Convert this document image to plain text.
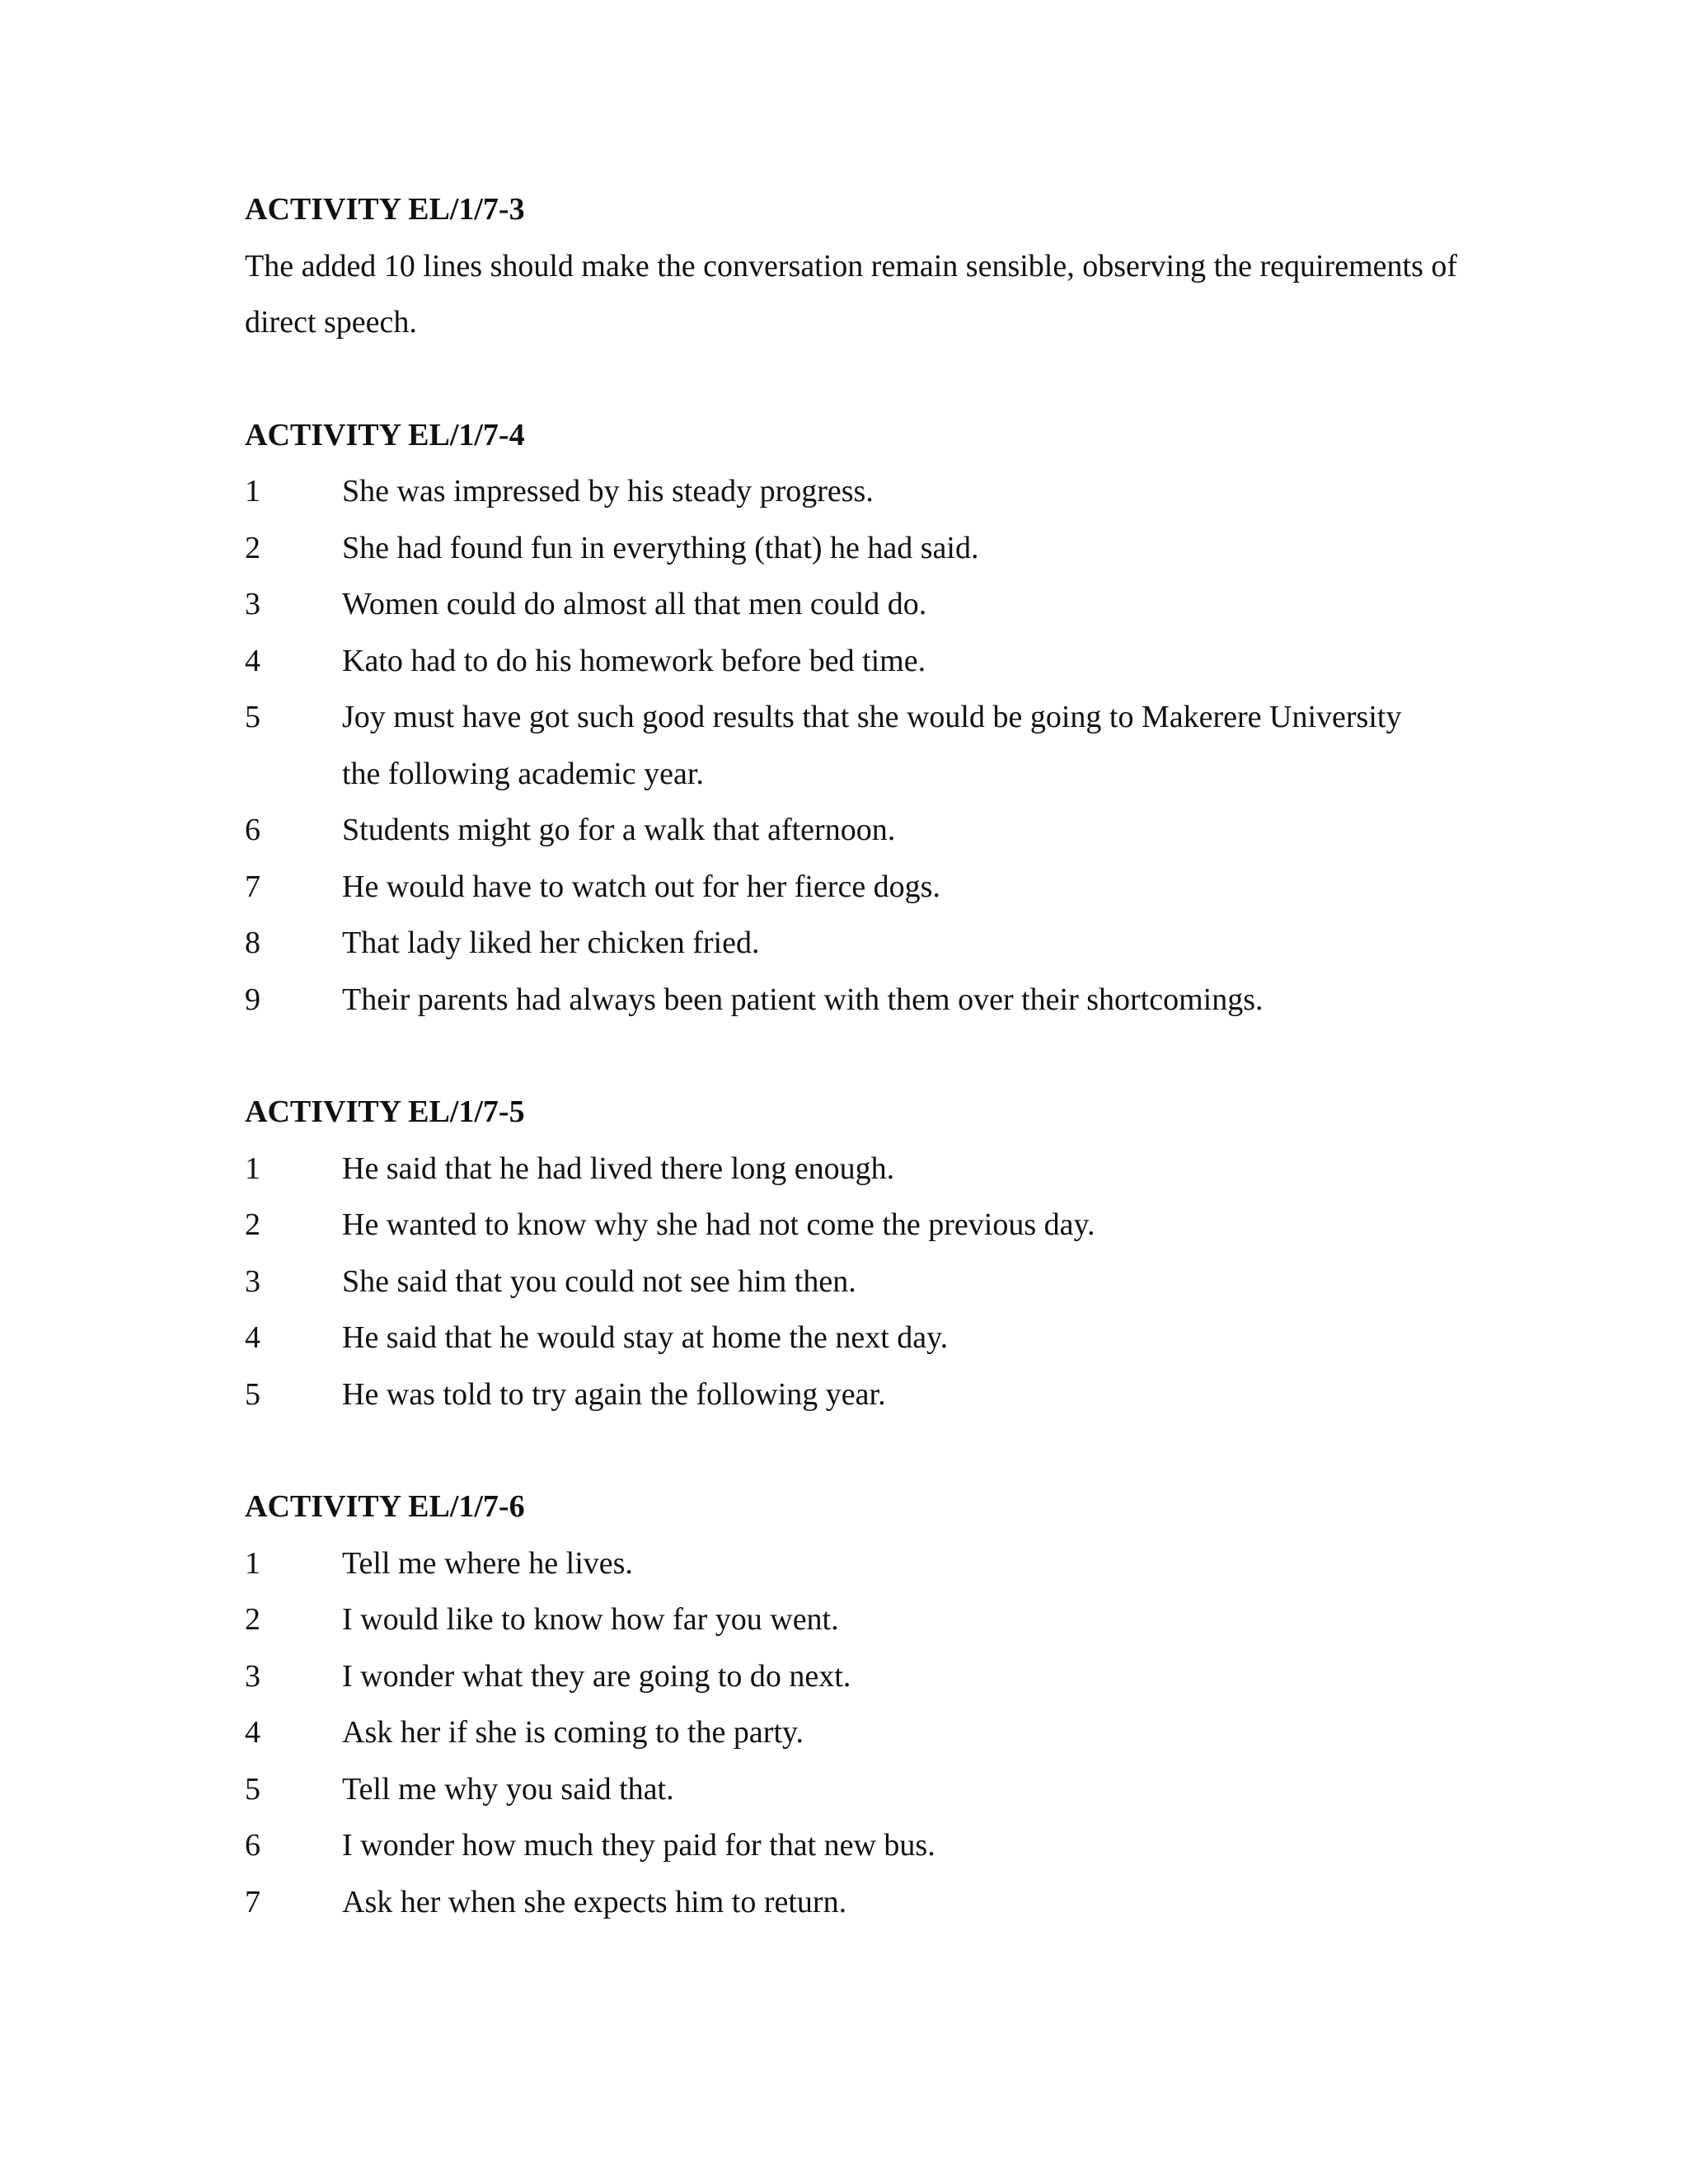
ACTIVITY EL/1/7-3

The added 10 lines should make the conversation remain sensible, observing the requirements of direct speech.

ACTIVITY EL/1/7-4

1	She was impressed by his steady progress.
2	She had found fun in everything (that) he had said.
3	Women could do almost all that men could do.
4	Kato had to do his homework before bed time.
5	Joy must have got such good results that she would be going to Makerere University the following academic year.
6	Students might go for a walk that afternoon.
7	He would have to watch out for her fierce dogs.
8	That lady liked her chicken fried.
9	Their parents had always been patient with them over their shortcomings.

ACTIVITY EL/1/7-5

1	He said that he had lived there long enough.
2	He wanted to know why she had not come the previous day.
3	She said that you could not see him then.
4	He said that he would stay at home the next day.
5	He was told to try again the following year.

ACTIVITY EL/1/7-6

1	Tell me where he lives.
2	I would like to know how far you went.
3	I wonder what they are going to do next.
4	Ask her if she is coming to the party.
5	Tell me why you said that.
6	I wonder how much they paid for that new bus.
7	Ask her when she expects him to return.
